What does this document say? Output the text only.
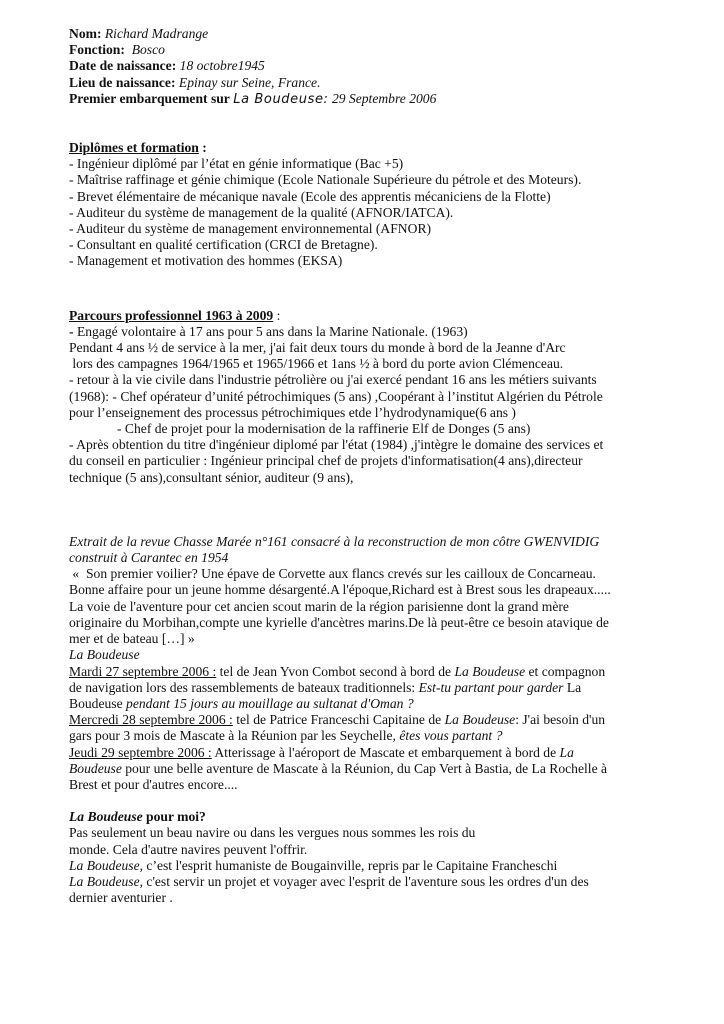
Nom: Richard Madrange
Fonction: Bosco
Date de naissance: 18 octobre1945
Lieu de naissance: Epinay sur Seine, France.
Premier embarquement sur La Boudeuse: 29 Septembre 2006
Diplômes et formation :
- Ingénieur diplômé par l’état en génie informatique (Bac +5)
- Maîtrise raffinage et génie chimique (Ecole Nationale Supérieure du pétrole et des Moteurs).
- Brevet élémentaire de mécanique navale (Ecole des apprentis mécaniciens de la Flotte)
- Auditeur du système de management de la qualité (AFNOR/IATCA).
- Auditeur du système de management environnemental (AFNOR)
- Consultant en qualité certification (CRCI de Bretagne).
- Management et motivation des hommes (EKSA)
Parcours professionnel 1963 à 2009 :
- Engagé volontaire à 17 ans pour 5 ans dans la Marine Nationale. (1963)
Pendant 4 ans ½ de service à la mer, j'ai fait deux tours du monde à bord de la Jeanne d'Arc
lors des campagnes 1964/1965 et 1965/1966 et 1ans ½ à bord du porte avion Clémenceau.
- retour à la vie civile dans l'industrie pétrolière ou j'ai exercé pendant 16 ans les métiers suivants
(1968): - Chef opérateur d’unité pétrochimiques (5 ans) ,Coopérant à l’institut Algérien du Pétrole
pour l’enseignement des processus pétrochimiques etde l’hydrodynamique(6 ans )
- Chef de projet pour la modernisation de la raffinerie Elf de Donges (5 ans)
- Après obtention du titre d'ingénieur diplomé par l'état (1984) ,j'intègre le domaine des services et
du conseil en particulier : Ingénieur principal chef de projets d'informatisation(4 ans),directeur
technique (5 ans),consultant sénior, auditeur (9 ans),
Extrait de la revue Chasse Marée n°161 consacré à la reconstruction de mon côtre GWENVIDIG
construit à Carantec en 1954
«  Son premier voilier? Une épave de Corvette aux flancs crevés sur les cailloux de Concarneau.
Bonne affaire pour un jeune homme désargenté.A l'époque,Richard est à Brest sous les drapeaux.....
La voie de l'aventure pour cet ancien scout marin de la région parisienne dont la grand mère
originaire du Morbihan,compte une kyrielle d'ancètres marins.De là peut-être ce besoin atavique de
mer et de bateau […] »
La Boudeuse
Mardi 27 septembre 2006 : tel de Jean Yvon Combot second à bord de La Boudeuse et compagnon
de navigation lors des rassemblements de bateaux traditionnels: Est-tu partant pour garder La
Boudeuse pendant 15 jours au mouillage au sultanat d'Oman ?
Mercredi 28 septembre 2006 : tel de Patrice Franceschi Capitaine de La Boudeuse: J'ai besoin d'un
gars pour 3 mois de Mascate à la Réunion par les Seychelle, êtes vous partant ?
Jeudi 29 septembre 2006 : Atterissage à l'aéroport de Mascate et embarquement à bord de La
Boudeuse pour une belle aventure de Mascate à la Réunion, du Cap Vert à Bastia, de La Rochelle à
Brest et pour d'autres encore....
La Boudeuse pour moi?
Pas seulement un beau navire ou dans les vergues nous sommes les rois du
monde. Cela d'autre navires peuvent l'offrir.
La Boudeuse, c’est l'esprit humaniste de Bougainville, repris par le Capitaine Francheschi
La Boudeuse, c'est servir un projet et voyager avec l'esprit de l'aventure sous les ordres d'un des
dernier aventurier .
